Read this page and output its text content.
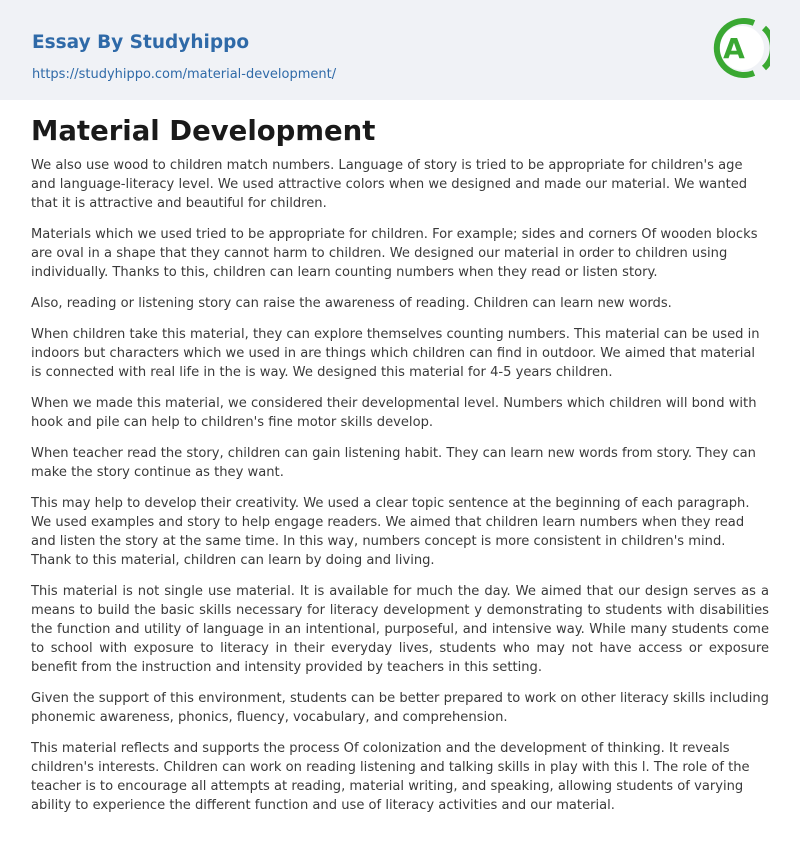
Essay By Studyhippo
https://studyhippo.com/material-development/
A
Material Development

We also use wood to children match numbers. Language of story is tried to be appropriate for children's age and language-literacy level. We used attractive colors when we designed and made our material. We wanted that it is attractive and beautiful for children.

Materials which we used tried to be appropriate for children. For example; sides and corners Of wooden blocks are oval in a shape that they cannot harm to children. We designed our material in order to children using individually. Thanks to this, children can learn counting numbers when they read or listen story.

Also, reading or listening story can raise the awareness of reading. Children can learn new words.

When children take this material, they can explore themselves counting numbers. This material can be used in indoors but characters which we used in are things which children can find in outdoor. We aimed that material is connected with real life in the is way. We designed this material for 4-5 years children.

When we made this material, we considered their developmental level. Numbers which children will bond with hook and pile can help to children's fine motor skills develop.

When teacher read the story, children can gain listening habit. They can learn new words from story. They can make the story continue as they want.

This may help to develop their creativity. We used a clear topic sentence at the beginning of each paragraph. We used examples and story to help engage readers. We aimed that children learn numbers when they read and listen the story at the same time. In this way, numbers concept is more consistent in children's mind. Thank to this material, children can learn by doing and living.

This material is not single use material. It is available for much the day. We aimed that our design serves as a means to build the basic skills necessary for literacy development y demonstrating to students with disabilities the function and utility of language in an intentional, purposeful, and intensive way. While many students come to school with exposure to literacy in their everyday lives, students who may not have access or exposure benefit from the instruction and intensity provided by teachers in this setting.

Given the support of this environment, students can be better prepared to work on other literacy skills including phonemic awareness, phonics, fluency, vocabulary, and comprehension.

This material reflects and supports the process Of colonization and the development of thinking. It reveals children's interests. Children can work on reading listening and talking skills in play with this l. The role of the teacher is to encourage all attempts at reading, material writing, and speaking, allowing students of varying ability to experience the different function and use of literacy activities and our material.
